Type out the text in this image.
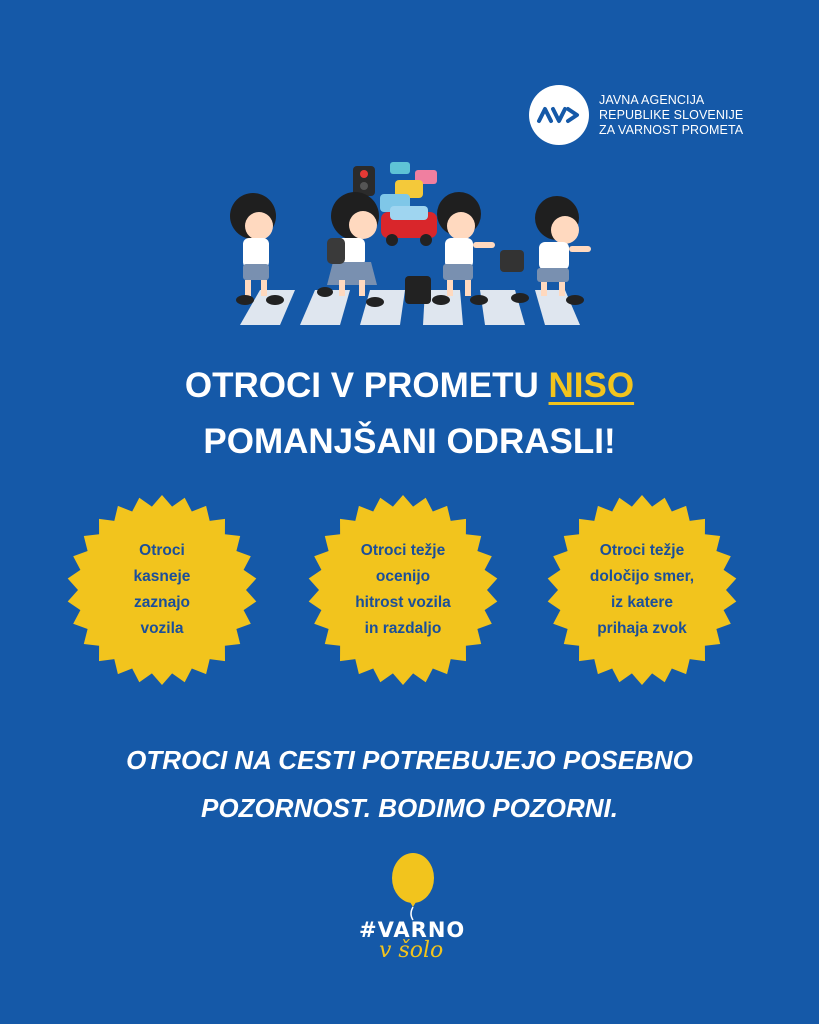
JAVNA AGENCIJA
REPUBLIKE SLOVENIJE
ZA VARNOST PROMETA
OTROCI V PROMETU NISO
POMANJŠANI ODRASLI!
Otroci
kasneje
zaznajo
vozila
Otroci težje
ocenijo
hitrost vozila
in razdaljo
Otroci težje
določijo smer,
iz katere
prihaja zvok
OTROCI NA CESTI POTREBUJEJO POSEBNO
POZORNOST. BODIMO POZORNI.
#VARNO
v šolo
